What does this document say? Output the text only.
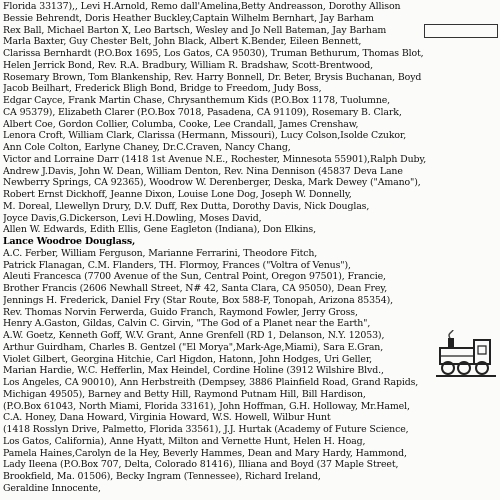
Florida 33137),, Levi H.Arnold, Remo dall'Amelina,Betty Andreasson, Dorothy Allison
Bessie Behrendt, Doris Heather Buckley,Captain Wilhelm Bernhart, Jay Barham
Rex Ball, Michael Barton X, Leo Bartsch, Wesley and Jo Nell Bateman, Jay Barham
Marla Baxter, Guy Chester Belt, John Black, Albert K.Bender, Eileen Bennett,
Clarissa Bernhardt (P.O.Box 1695, Los Gatos, CA 95030), Truman Bethurum, Thomas Blot,
Helen Jerrick Bond, Rev. R.A. Bradbury, William R. Bradshaw, Scott-Brentwood,
Rosemary Brown, Tom Blankenship, Rev. Harry Bonnell, Dr. Beter, Brysis Buchanan, Boyd
Jacob Beilhart, Frederick Bligh Bond, Bridge to Freedom, Judy Boss,
Edgar Cayce, Frank Martin Chase, Chrysanthemum Kids (P.O.Box 1178, Tuolumne,
CA 95379), Elizabeth Clarer (P.O.Box 7018, Pasadena, CA 91109), Rosemary B. Clark,
Albert Coe, Gordon Collier, Columba, Cooke, Lee Crandall, James Crenshaw,
Lenora Croft, William Clark, Clarissa (Hermann, Missouri), Lucy Colson,Isolde Czukor,
Ann Cole Colton, Earlyne Chaney, Dr.C.Craven, Nancy Chang,
Victor and Lorraine Darr (1418 1st Avenue N.E., Rochester, Minnesota 55901),Ralph Duby,
Andrew J.Davis, John W. Dean, William Denton, Rev. Nina Dennison (45837 Deva Lane
Newberry Springs, CA 92365), Woodrow W. Derenberger, Deska, Mark Dewey ("Amano"),
Robert Ernst Dickhoff, Jeanne Dixon, Louise Lone Dog, Joseph W. Donnelly,
M. Doreal, Llewellyn Drury, D.V. Duff, Rex Dutta, Dorothy Davis, Nick Douglas,
Joyce Davis,G.Dickerson, Levi H.Dowling, Moses David,
Allen W. Edwards, Edith Ellis, Gene Eagleton (Indiana), Don Elkins,
Lance Woodroe Douglass,
A.C. Ferber, William Ferguson, Marianne Ferrarini, Theodore Fitch,
Patrick Flanagan, C.M. Flanders, TH. Flormoy, Frances ("Voltra of Venus"),
Aleuti Francesca (7700 Avenue of the Sun, Central Point, Oregon 97501), Francie,
Brother Francis (2606 Newhall Street, N# 42, Santa Clara, CA 95050), Dean Frey,
Jennings H. Frederick, Daniel Fry (Star Route, Box 588-F, Tonopah, Arizona 85354),
Rev. Thomas Norvin Ferwerda, Guido Franch, Raymond Fowler, Jerry Gross,
Henry A.Gaston, Gildas, Calvin C. Girvin, "The God of a Planet near the Earth",
A.W. Goetz, Kenneth Goff, W.V. Grant, Anne Grenfell (RD 1, Delanson, N.Y. 12053),
Arthur Guirdham, Charles B. Gentzel ("El Morya",Mark-Age,Miami), Sara E.Gran,
Violet Gilbert, Georgina Hitchie, Carl Higdon, Hatonn, John Hodges, Uri Geller,
Marian Hardie, W.C. Hefferlin, Max Heindel, Cordine Holine (3912 Wilshire Blvd.,
Los Angeles, CA 90010), Ann Herbstreith (Dempsey, 3886 Plainfield Road, Grand Rapids,
Michigan 49505), Barney and Betty Hill, Raymond Putnam Hill, Bill Hardison,
(P.O.Box 61043, North Miami, Florida 33161), John Hoffman, G.H. Holloway, Mr.Hamel,
C.A. Honey, Dana Howard, Virginia Howard, W.S. Howell, Wilbur Hunt
(1418 Rosslyn Drive, Palmetto, Florida 33561), J.J. Hurtak (Academy of Future Science,
Los Gatos, California), Anne Hyatt, Milton and Vernette Hunt, Helen H. Hoag,
Pamela Haines,Carolyn de la Hey, Beverly Hammes, Dean and Mary Hardy, Hammond,
Lady Ileena (P.O.Box 707, Delta, Colorado 81416), Illiana and Boyd (37 Maple Street,
Brookfield, Ma. 01506), Becky Ingram (Tennessee), Richard Ireland,
Geraldine Innocente,
